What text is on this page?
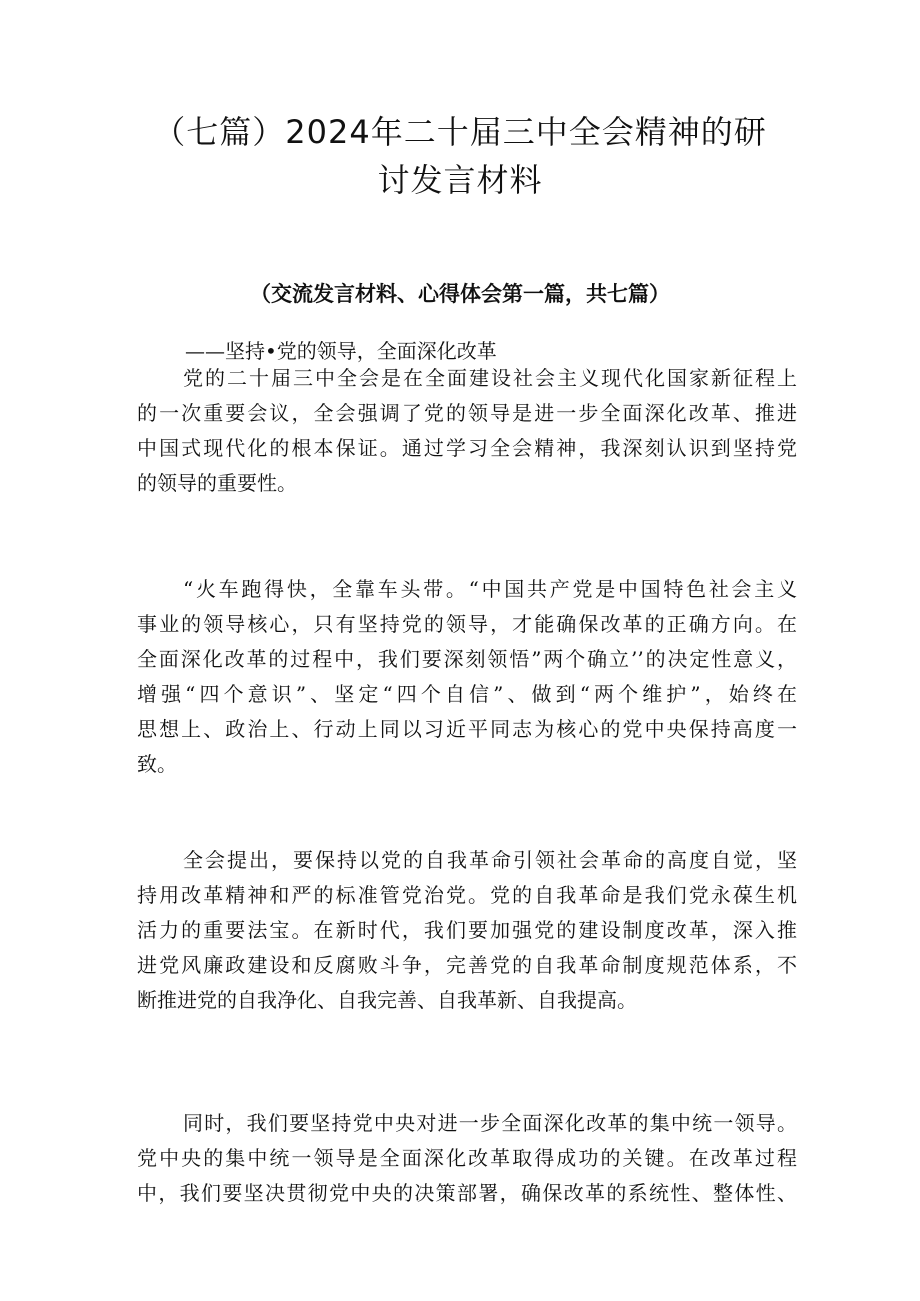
（七篇）2024年二十届三中全会精神的研
讨发言材料
（交流发言材料、心得体会第一篇，共七篇）
——坚持•党的领导，全面深化改革

党的二十届三中全会是在全面建设社会主义现代化国家新征程上
的一次重要会议，全会强调了党的领导是进一步全面深化改革、推进
中国式现代化的根本保证。通过学习全会精神，我深刻认识到坚持党
的领导的重要性。

“火车跑得快，全靠车头带。“中国共产党是中国特色社会主义
事业的领导核心，只有坚持党的领导，才能确保改革的正确方向。在
全面深化改革的过程中，我们要深刻领悟”两个确立’’的决定性意义，
增强“四个意识”、坚定“四个自信”、做到“两个维护”，始终在
思想上、政治上、行动上同以习近平同志为核心的党中央保持高度一
致。

全会提出，要保持以党的自我革命引领社会革命的高度自觉，坚
持用改革精神和严的标准管党治党。党的自我革命是我们党永葆生机
活力的重要法宝。在新时代，我们要加强党的建设制度改革，深入推
进党风廉政建设和反腐败斗争，完善党的自我革命制度规范体系，不
断推进党的自我净化、自我完善、自我革新、自我提高。

同时，我们要坚持党中央对进一步全面深化改革的集中统一领导。
党中央的集中统一领导是全面深化改革取得成功的关键。在改革过程
中，我们要坚决贯彻党中央的决策部署，确保改革的系统性、整体性、
